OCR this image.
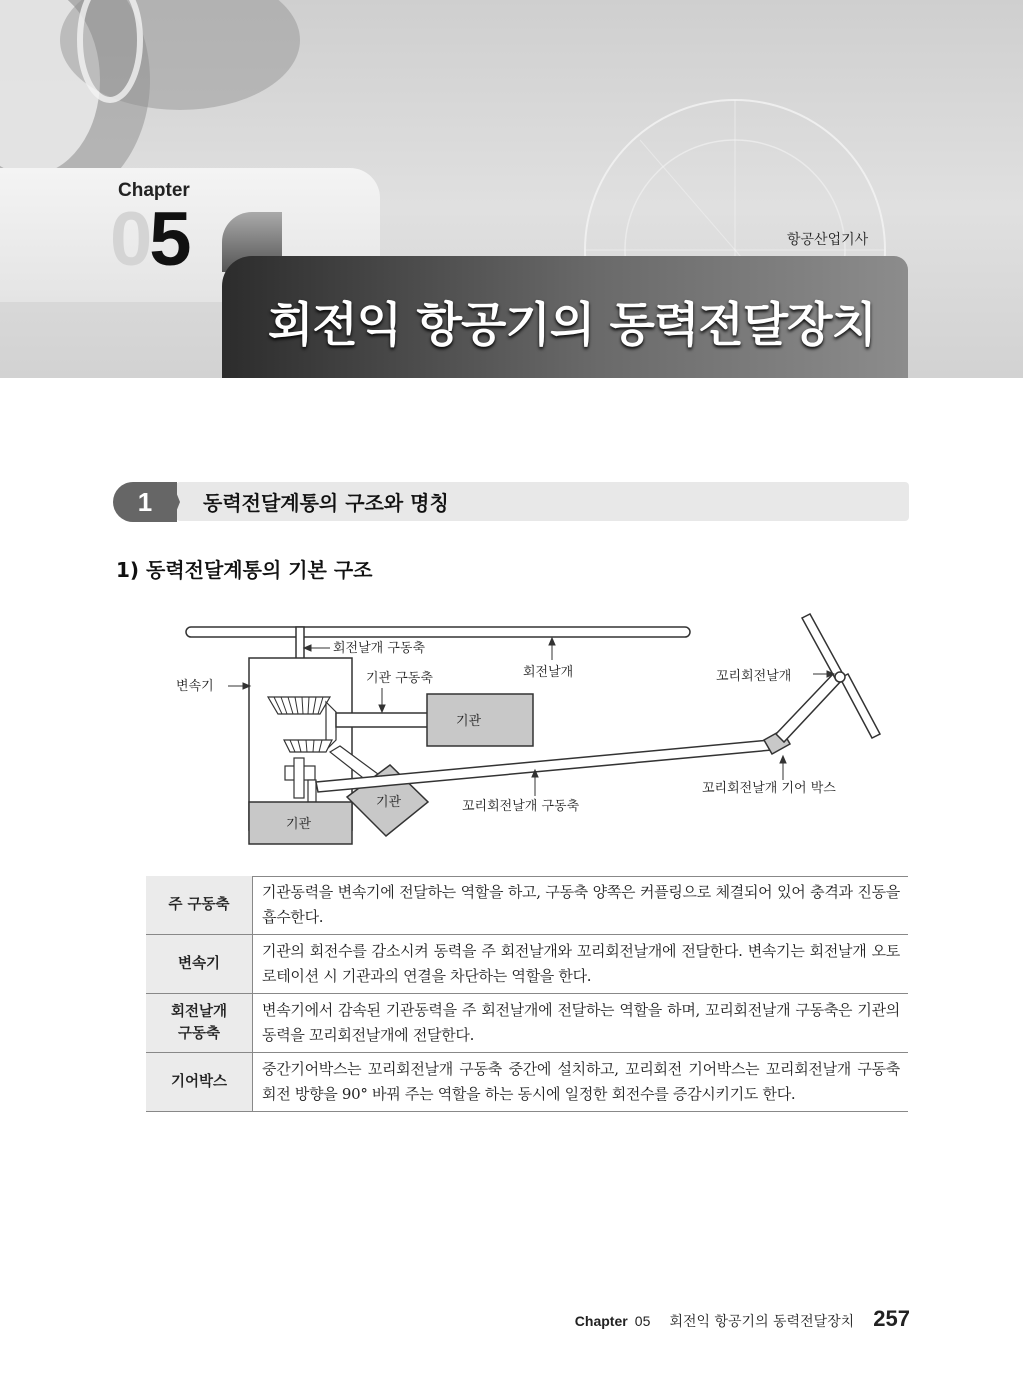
Chapter
05	항공산업기사
회전익 항공기의 동력전달장치
1	동력전달계통의 구조와 명칭
1) 동력전달계통의 기본 구조
기관
기관
기관
회전날개 구동축
변속기
기관 구동축	회전날개	꼬리회전날개
꼬리회전날개 기어 박스
꼬리회전날개 구동축
주 구동축	기관동력을 변속기에 전달하는 역할을 하고, 구동축 양쪽은 커플링으로 체결되어 있어 충격과 진동을 흡수한다.
변속기	기관의 회전수를 감소시켜 동력을 주 회전날개와 꼬리회전날개에 전달한다. 변속기는 회전날개 오토로테이션 시 기관과의 연결을 차단하는 역할을 한다.
회전날개 구동축	변속기에서 감속된 기관동력을 주 회전날개에 전달하는 역할을 하며, 꼬리회전날개 구동축은 기관의 동력을 꼬리회전날개에 전달한다.
기어박스	중간기어박스는 꼬리회전날개 구동축 중간에 설치하고, 꼬리회전 기어박스는 꼬리회전날개 구동축 회전 방향을 90° 바꿔 주는 역할을 하는 동시에 일정한 회전수를 증감시키기도 한다.
Chapter 05 회전익 항공기의 동력전달장치 257
